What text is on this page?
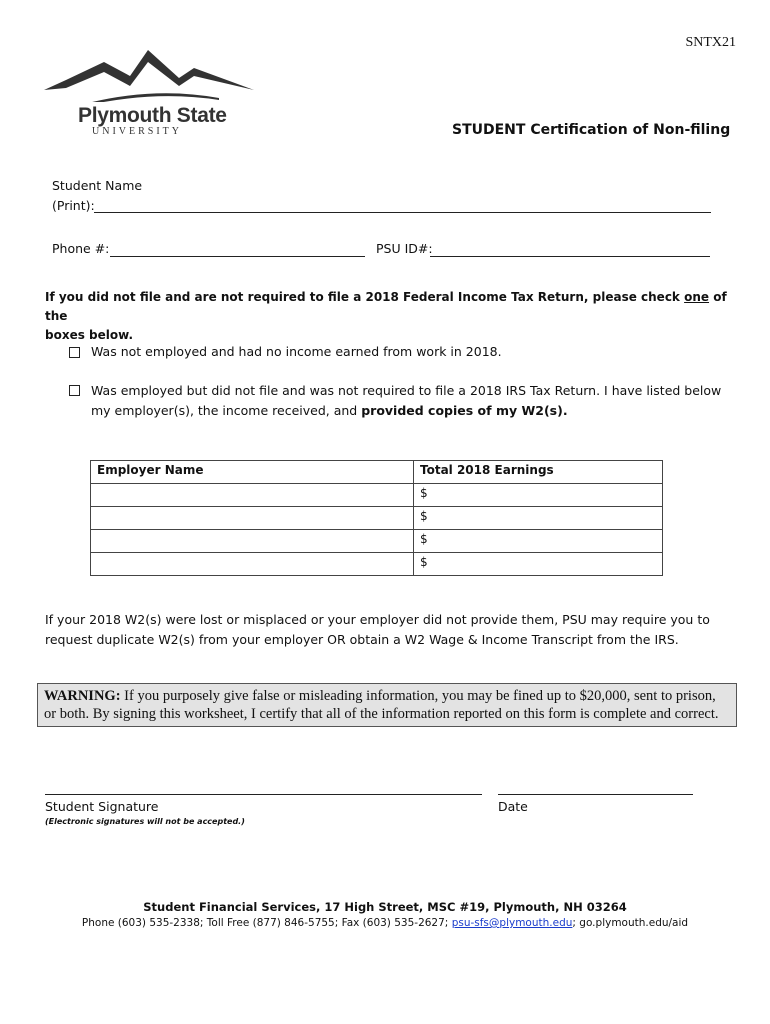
SNTX21
Plymouth State
UNIVERSITY	STUDENT Certification of Non-filing
Student Name
(Print):
Phone #:	PSU ID#:
If you did not file and are not required to file a 2018 Federal Income Tax Return, please check one of the
boxes below.
Was not employed and had no income earned from work in 2018.
Was employed but did not file and was not required to file a 2018 IRS Tax Return. I have listed below
my employer(s), the income received, and provided copies of my W2(s).
Employer Name	Total 2018 Earnings
	$
	$
	$
	$
If your 2018 W2(s) were lost or misplaced or your employer did not provide them, PSU may require you to
request duplicate W2(s) from your employer OR obtain a W2 Wage & Income Transcript from the IRS.
WARNING: If you purposely give false or misleading information, you may be fined up to $20,000, sent to prison, or both. By signing this worksheet, I certify that all of the information reported on this form is complete and correct.
Student Signature	Date
(Electronic signatures will not be accepted.)
Student Financial Services, 17 High Street, MSC #19, Plymouth, NH 03264
Phone (603) 535-2338; Toll Free (877) 846-5755; Fax (603) 535-2627; psu-sfs@plymouth.edu; go.plymouth.edu/aid
